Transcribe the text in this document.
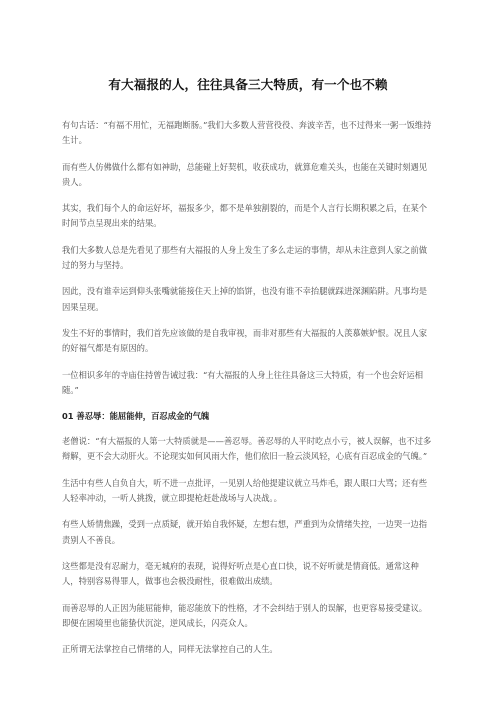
有大福报的人，往往具备三大特质，有一个也不赖

有句古话：“有福不用忙，无福跑断肠。”我们大多数人营营役役、奔波辛苦，也不过得来一粥一饭维持生计。

而有些人仿佛做什么都有如神助，总能碰上好契机，收获成功，就算危难关头，也能在关键时刻遇见贵人。

其实，我们每个人的命运好坏，福报多少，都不是单独割裂的，而是个人言行长期积累之后，在某个时间节点呈现出来的结果。

我们大多数人总是先看见了那些有大福报的人身上发生了多么走运的事情，却从未注意到人家之前做过的努力与坚持。

因此，没有谁幸运到仰头张嘴就能接住天上掉的馅饼，也没有谁不幸抬腿就踩进深渊陷阱。凡事均是因果呈现。

发生不好的事情时，我们首先应该做的是自我审视，而非对那些有大福报的人羡慕嫉妒恨。况且人家的好福气都是有原因的。

一位相识多年的寺庙住持曾告诫过我：“有大福报的人身上往往具备这三大特质，有一个也会好运相随。”

01 善忍辱：能屈能伸，百忍成金的气魄

老僧说：“有大福报的人第一大特质就是——善忍辱。善忍辱的人平时吃点小亏，被人误解，也不过多辩解，更不会大动肝火。不论现实如何风雨大作，他们依旧一脸云淡风轻，心底有百忍成金的气魄。”

生活中有些人自负自大，听不进一点批评，一见别人给他提建议就立马炸毛，跟人眼口大骂；还有些人轻率冲动，一听人挑拨，就立即提枪赶赴战场与人决战。。

有些人矫情焦躁，受到一点质疑，就开始自我怀疑，左想右想，严重到为众情绪失控，一边哭一边指责别人不善良。

这些都是没有忍耐力，毫无城府的表现，说得好听点是心直口快，说不好听就是情商低。通常这种人，特别容易得罪人，做事也会极没耐性，很难做出成绩。

而善忍辱的人正因为能屈能伸，能忍能放下的性格，才不会纠结于别人的误解，也更容易接受建议。即便在困境里也能蛰伏沉淀，逆风成长，闪亮众人。

正所谓无法掌控自己情绪的人，同样无法掌控自己的人生。
